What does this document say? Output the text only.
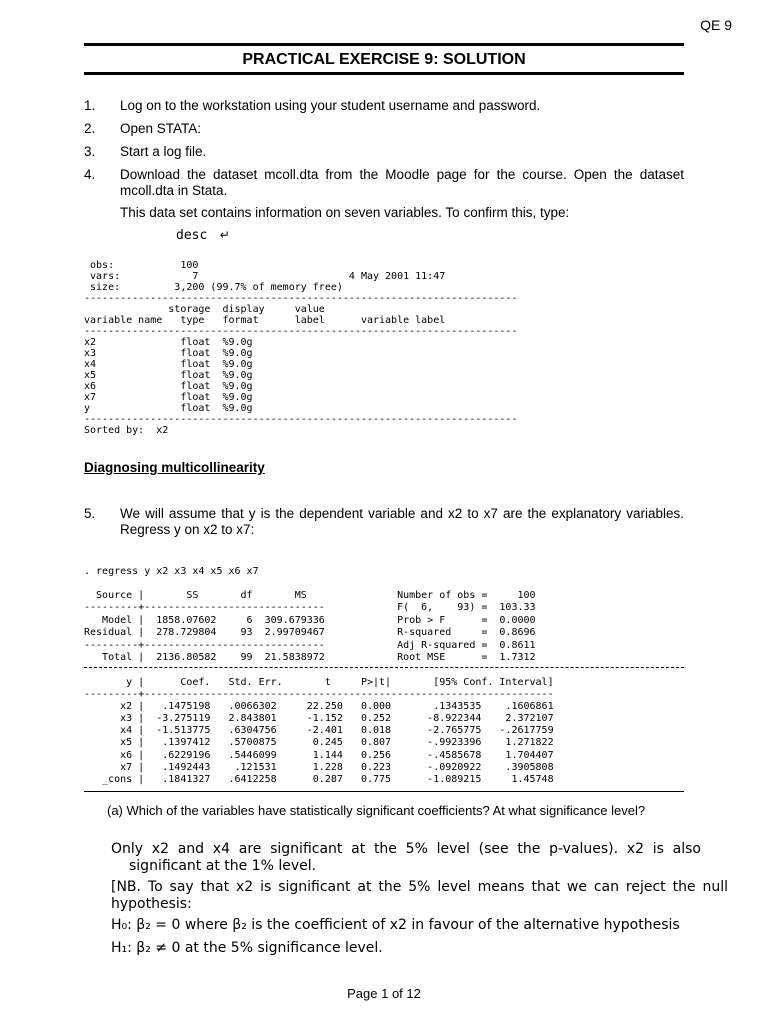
QE 9
PRACTICAL EXERCISE 9: SOLUTION
1. Log on to the workstation using your student username and password.
2. Open STATA:
3. Start a log file.
4. Download the dataset mcoll.dta from the Moodle page for the course. Open the dataset mcoll.dta in Stata.
This data set contains information on seven variables. To confirm this, type:
desc ↵
obs:           100
vars:            7                         4 May 2001 11:47
size:         3,200 (99.7% of memory free)
------------------------------------------------------------------------
storage  display     value
variable name   type   format      label      variable label
------------------------------------------------------------------------
x2              float  %9.0g
x3              float  %9.0g
x4              float  %9.0g
x5              float  %9.0g
x6              float  %9.0g
x7              float  %9.0g
y               float  %9.0g
------------------------------------------------------------------------
Sorted by:  x2
Diagnosing multicollinearity
5. We will assume that y is the dependent variable and x2 to x7 are the explanatory variables. Regress y on x2 to x7:
. regress y x2 x3 x4 x5 x6 x7
Source |       SS       df       MS               Number of obs =     100
---------+------------------------------            F(  6,    93) =  103.33
Model |  1858.07602     6  309.679336            Prob > F      =  0.0000
Residual |  278.729804    93  2.99709467            R-squared     =  0.8696
---------+------------------------------            Adj R-squared =  0.8611
Total |  2136.80582    99  21.5838972            Root MSE      =  1.7312

y |      Coef.   Std. Err.       t     P>|t|       [95% Conf. Interval]
---------+--------------------------------------------------------------------
x2 |   .1475198   .0066302     22.250   0.000       .1343535    .1606861
x3 |  -3.275119   2.843801     -1.152   0.252      -8.922344    2.372107
x4 |  -1.513775   .6304756     -2.401   0.018      -2.765775   -.2617759
x5 |   .1397412   .5700875      0.245   0.807      -.9923396    1.271822
x6 |   .6229196   .5446099      1.144   0.256      -.4585678    1.704407
x7 |   .1492443    .121531      1.228   0.223      -.0920922    .3905808
_cons |   .1841327   .6412258      0.287   0.775      -1.089215     1.45748
(a) Which of the variables have statistically significant coefficients? At what significance level?
Only x2 and x4 are significant at the 5% level (see the p-values). x2 is also significant at the 1% level.
[NB. To say that x2 is significant at the 5% level means that we can reject the null hypothesis:
H₀: β₂ = 0 where β₂ is the coefficient of x2 in favour of the alternative hypothesis
H₁: β₂ ≠ 0 at the 5% significance level.
Page 1 of 12
